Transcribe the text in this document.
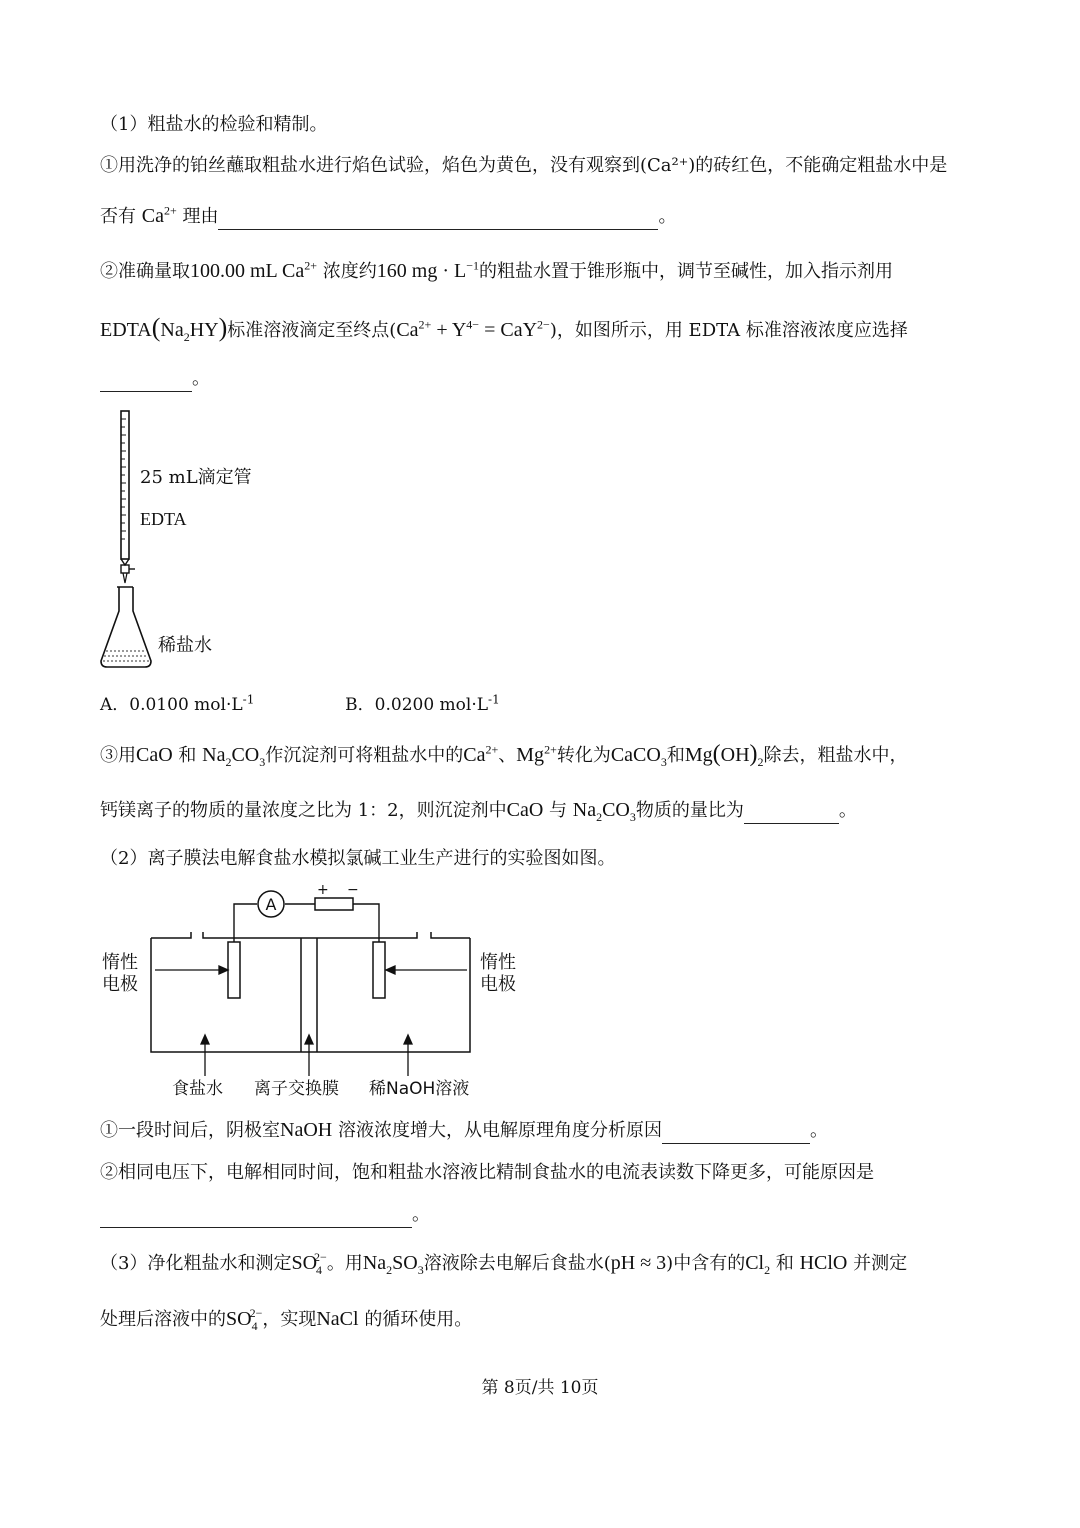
（1）粗盐水的检验和精制。
①用洗净的铂丝蘸取粗盐水进行焰色试验，焰色为黄色，没有观察到(Ca²⁺)的砖红色，不能确定粗盐水中是
否有 $Ca^{2+}$ 理由	。
②准确量取100.00 mL $Ca^{2+}$ 浓度约160 mg · $L^{-1}$的粗盐水置于锥形瓶中，调节至碱性，加入指示剂用
$EDTA(Na_2HY)$标准溶液滴定至终点$(Ca^{2+} + Y^{4-} = CaY^{2-})$，如图所示，用 EDTA 标准溶液浓度应选择
。
25 mL滴定管
EDTA
稀盐水
A．0.0100 $mol\cdot L^{-1}$	B．0.0200 $mol\cdot L^{-1}$
③用CaO 和 $Na_2CO_3$作沉淀剂可将粗盐水中的$Ca^{2+}$、$Mg^{2+}$转化为CaCO$_3$和$Mg(OH)_2$除去，粗盐水中，
钙镁离子的物质的量浓度之比为 1：2，则沉淀剂中CaO 与 $Na_2CO_3$物质的量比为	。
（2）离子膜法电解食盐水模拟氯碱工业生产进行的实验图如图。
A
+ −
惰性
电极
惰性
电极
食盐水 离子交换膜 稀NaOH溶液
①一段时间后，阴极室NaOH 溶液浓度增大，从电解原理角度分析原因	。
②相同电压下，电解相同时间，饱和粗盐水溶液比精制食盐水的电流表读数下降更多，可能原因是
。
（3）净化粗盐水和测定$SO_4^{2-}$。用$Na_2SO_3$溶液除去电解后食盐水(pH ≈ 3)中含有的$Cl_2$ 和 HClO 并测定
处理后溶液中的$SO_4^{2-}$，实现NaCl 的循环使用。
第 8页/共 10页
